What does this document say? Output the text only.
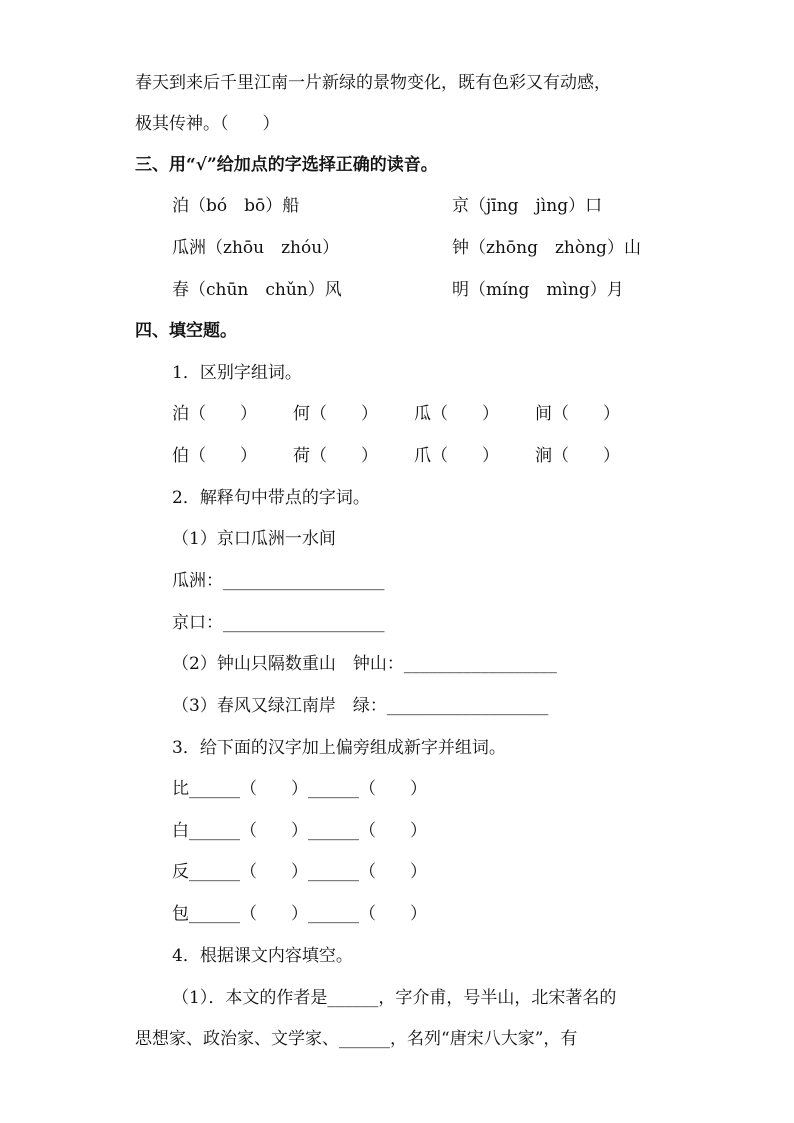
春天到来后千里江南一片新绿的景物变化，既有色彩又有动感，
极其传神。（　　）
三、用“√”给加点的字选择正确的读音。
泊（bó　bō）船	京（jīng　jìng）口
瓜洲（zhōu　zhóu）	钟（zhōng　zhòng）山
春（chūn　chǔn）风	明（míng　mìng）月
四、填空题。
1．区别字组词。
泊（　　） 何（　　） 瓜（　　） 间（　　）
伯（　　） 荷（　　） 爪（　　） 涧（　　）
2．解释句中带点的字词。
（1）京口瓜洲一水间
瓜洲：___________________
京口：___________________
（2）钟山只隔数重山　钟山：__________________
（3）春风又绿江南岸　绿：___________________
3．给下面的汉字加上偏旁组成新字并组词。
比______（　　）______（　　）
白______（　　）______（　　）
反______（　　）______（　　）
包______（　　）______（　　）
4．根据课文内容填空。
（1）．本文的作者是______，字介甫，号半山，北宋著名的
思想家、政治家、文学家、______，名列“唐宋八大家”，有
